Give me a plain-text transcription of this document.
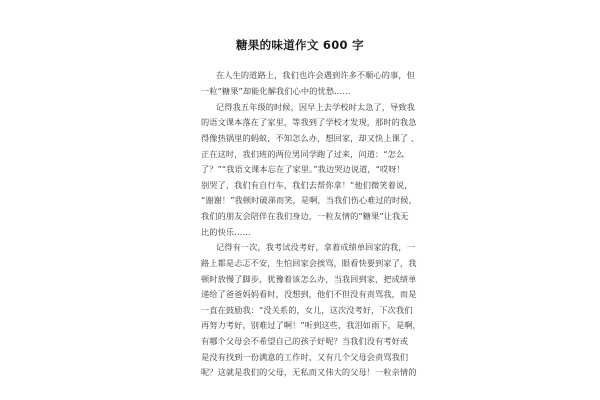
糖果的味道作文 600 字
在人生的道路上，我们也许会遇到许多不顺心的事，但
一粒“糖果”却能化解我们心中的忧愁……
记得我五年级的时候，因早上去学校时太急了，导致我
的语文课本落在了家里，等我到了学校才发现，那时的我急
得像热锅里的蚂蚁，不知怎么办，想回家，却又快上课了 、
正在这时，我们班的两位男同学跑了过来，问道：“怎么
了？”“我语文课本忘在了家里。”我边哭边说道，“哎呀！
别哭了，我们有自行车，我们去帮你拿！”他们微笑着说，
“谢谢！”我顿时破涕而笑，是啊，当我们伤心难过的时候，
我们的朋友会陪伴在我们身边，一粒友情的“糖果”让我无
比的快乐……
记得有一次，我考试没考好，拿着成绩单回家的我，一
路上都是忐忑不安，生怕回家会挨骂，眼看快要到家了，我
顿时放慢了脚步，犹豫着该怎么办，当我回到家，把成绩单
递给了爸爸妈妈看时，没想到，他们不但没有责骂我，而是
一直在鼓励我：“没关系的，女儿，这次没考好，下次我们
再努力考好，别难过了啊！”听到这些，我泪如雨下，是啊，
有哪个父母会不希望自己的孩子好呢？当我们没有考好或
是没有找到一份满意的工作时，又有几个父母会责骂我们
呢？这就是我们的父母，无私而又伟大的父母！一粒亲情的
